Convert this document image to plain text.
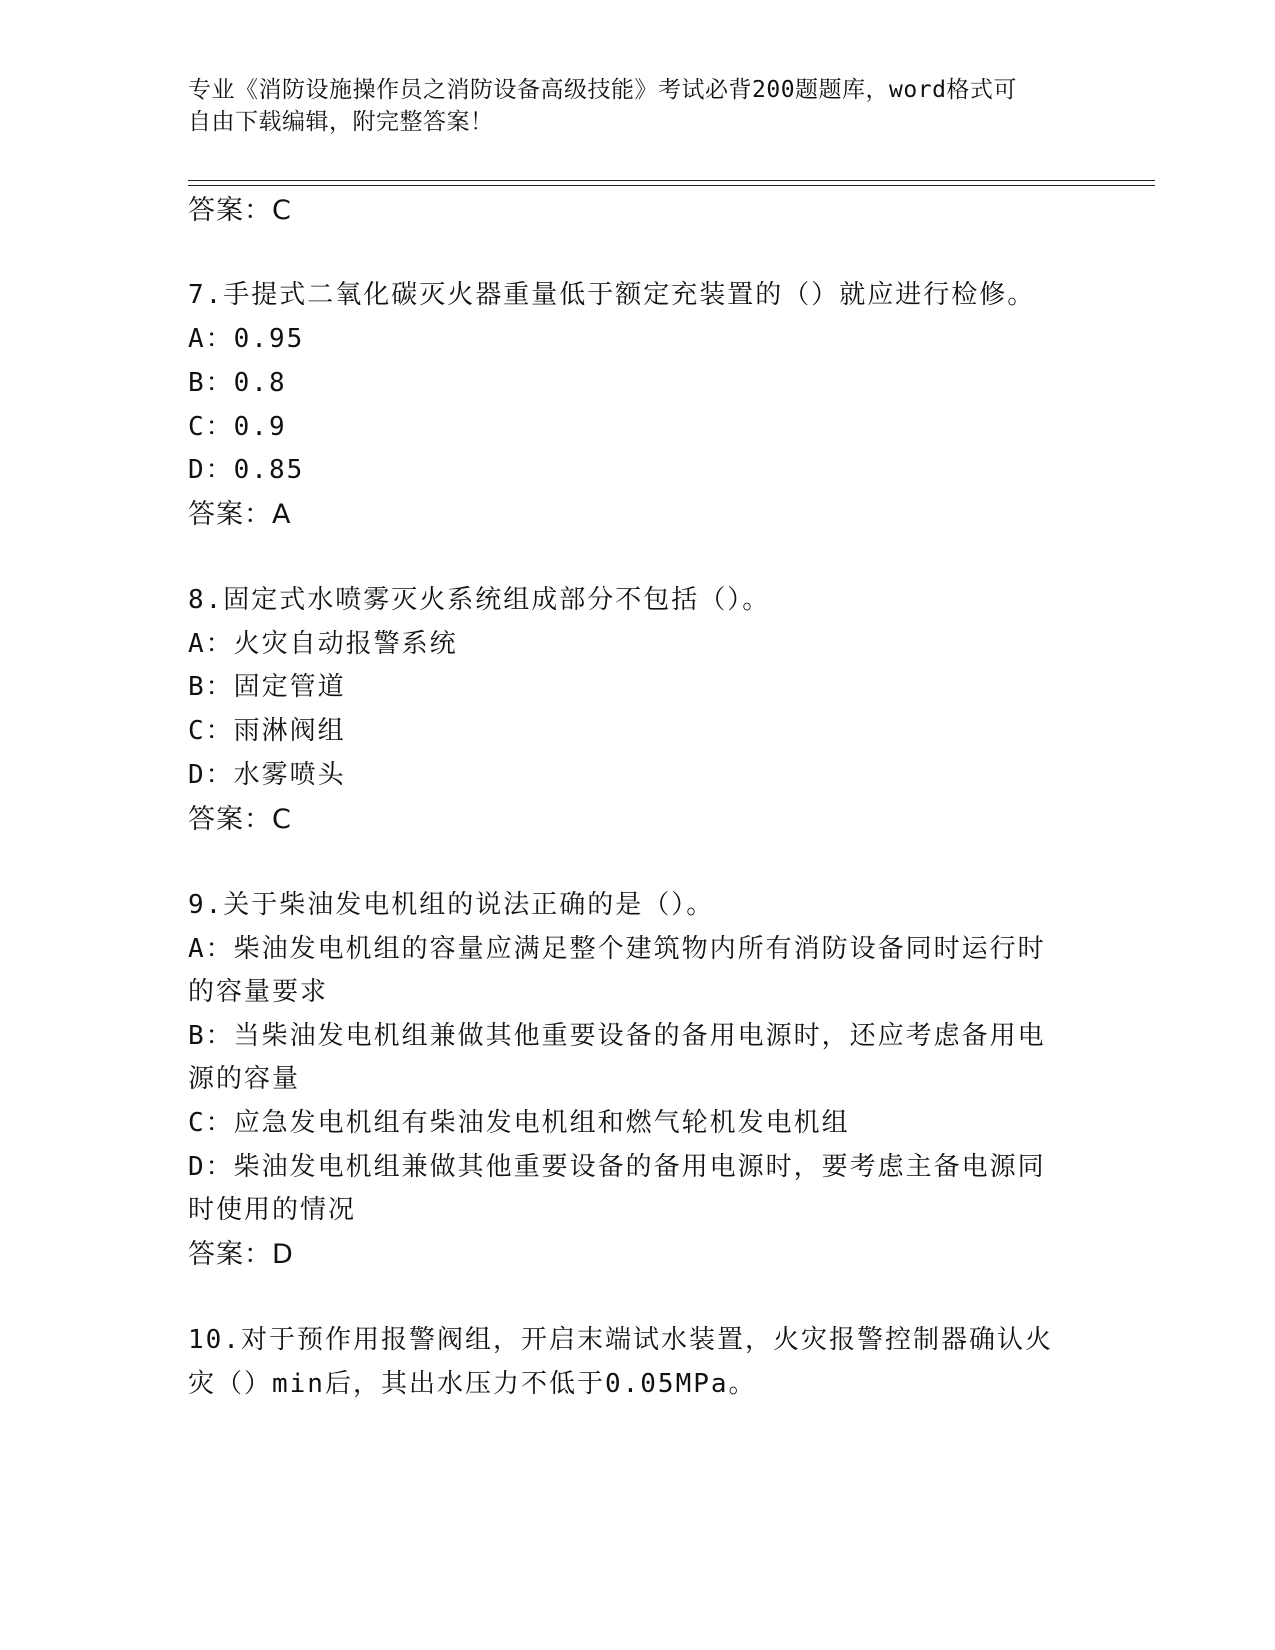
专业《消防设施操作员之消防设备高级技能》考试必背200题题库，word格式可
自由下载编辑，附完整答案！
答案：C
7.手提式二氧化碳灭火器重量低于额定充装置的（）就应进行检修。
A：0.95
B：0.8
C：0.9
D：0.85
答案：A
8.固定式水喷雾灭火系统组成部分不包括（）。
A：火灾自动报警系统
B：固定管道
C：雨淋阀组
D：水雾喷头
答案：C
9.关于柴油发电机组的说法正确的是（）。
A：柴油发电机组的容量应满足整个建筑物内所有消防设备同时运行时
的容量要求
B：当柴油发电机组兼做其他重要设备的备用电源时，还应考虑备用电
源的容量
C：应急发电机组有柴油发电机组和燃气轮机发电机组
D：柴油发电机组兼做其他重要设备的备用电源时，要考虑主备电源同
时使用的情况
答案：D
10.对于预作用报警阀组，开启末端试水装置，火灾报警控制器确认火
灾（）min后，其出水压力不低于0.05MPa。
